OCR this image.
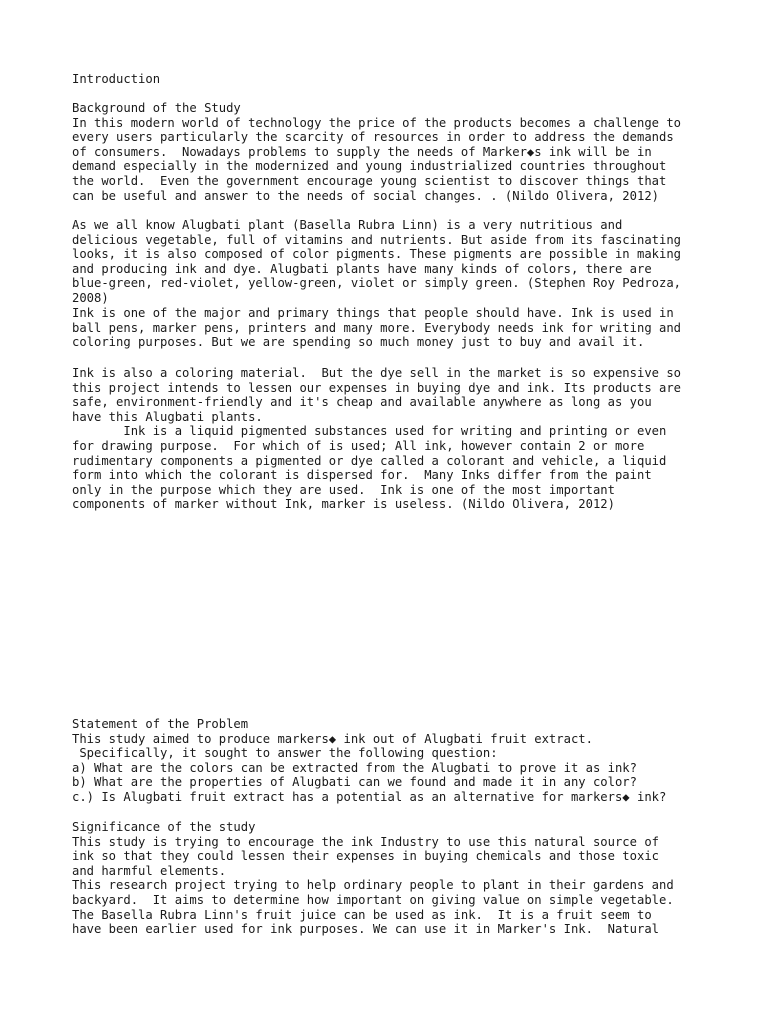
Introduction

Background of the Study
In this modern world of technology the price of the products becomes a challenge to
every users particularly the scarcity of resources in order to address the demands
of consumers.  Nowadays problems to supply the needs of Marker◆s ink will be in
demand especially in the modernized and young industrialized countries throughout
the world.  Even the government encourage young scientist to discover things that
can be useful and answer to the needs of social changes. . (Nildo Olivera, 2012)

As we all know Alugbati plant (Basella Rubra Linn) is a very nutritious and
delicious vegetable, full of vitamins and nutrients. But aside from its fascinating
looks, it is also composed of color pigments. These pigments are possible in making
and producing ink and dye. Alugbati plants have many kinds of colors, there are
blue-green, red-violet, yellow-green, violet or simply green. (Stephen Roy Pedroza,
2008)

Ink is one of the major and primary things that people should have. Ink is used in
ball pens, marker pens, printers and many more. Everybody needs ink for writing and
coloring purposes. But we are spending so much money just to buy and avail it.

Ink is also a coloring material.  But the dye sell in the market is so expensive so
this project intends to lessen our expenses in buying dye and ink. Its products are
safe, environment-friendly and it's cheap and available anywhere as long as you
have this Alugbati plants.
Ink is a liquid pigmented substances used for writing and printing or even
for drawing purpose.  For which of is used; All ink, however contain 2 or more
rudimentary components a pigmented or dye called a colorant and vehicle, a liquid
form into which the colorant is dispersed for.  Many Inks differ from the paint
only in the purpose which they are used.  Ink is one of the most important
components of marker without Ink, marker is useless. (Nildo Olivera, 2012)

Statement of the Problem
This study aimed to produce markers◆ ink out of Alugbati fruit extract.
Specifically, it sought to answer the following question:
a) What are the colors can be extracted from the Alugbati to prove it as ink?
b) What are the properties of Alugbati can we found and made it in any color?
c.) Is Alugbati fruit extract has a potential as an alternative for markers◆ ink?

Significance of the study
This study is trying to encourage the ink Industry to use this natural source of
ink so that they could lessen their expenses in buying chemicals and those toxic
and harmful elements.
This research project trying to help ordinary people to plant in their gardens and
backyard.  It aims to determine how important on giving value on simple vegetable.
The Basella Rubra Linn's fruit juice can be used as ink.  It is a fruit seem to
have been earlier used for ink purposes. We can use it in Marker's Ink.  Natural
